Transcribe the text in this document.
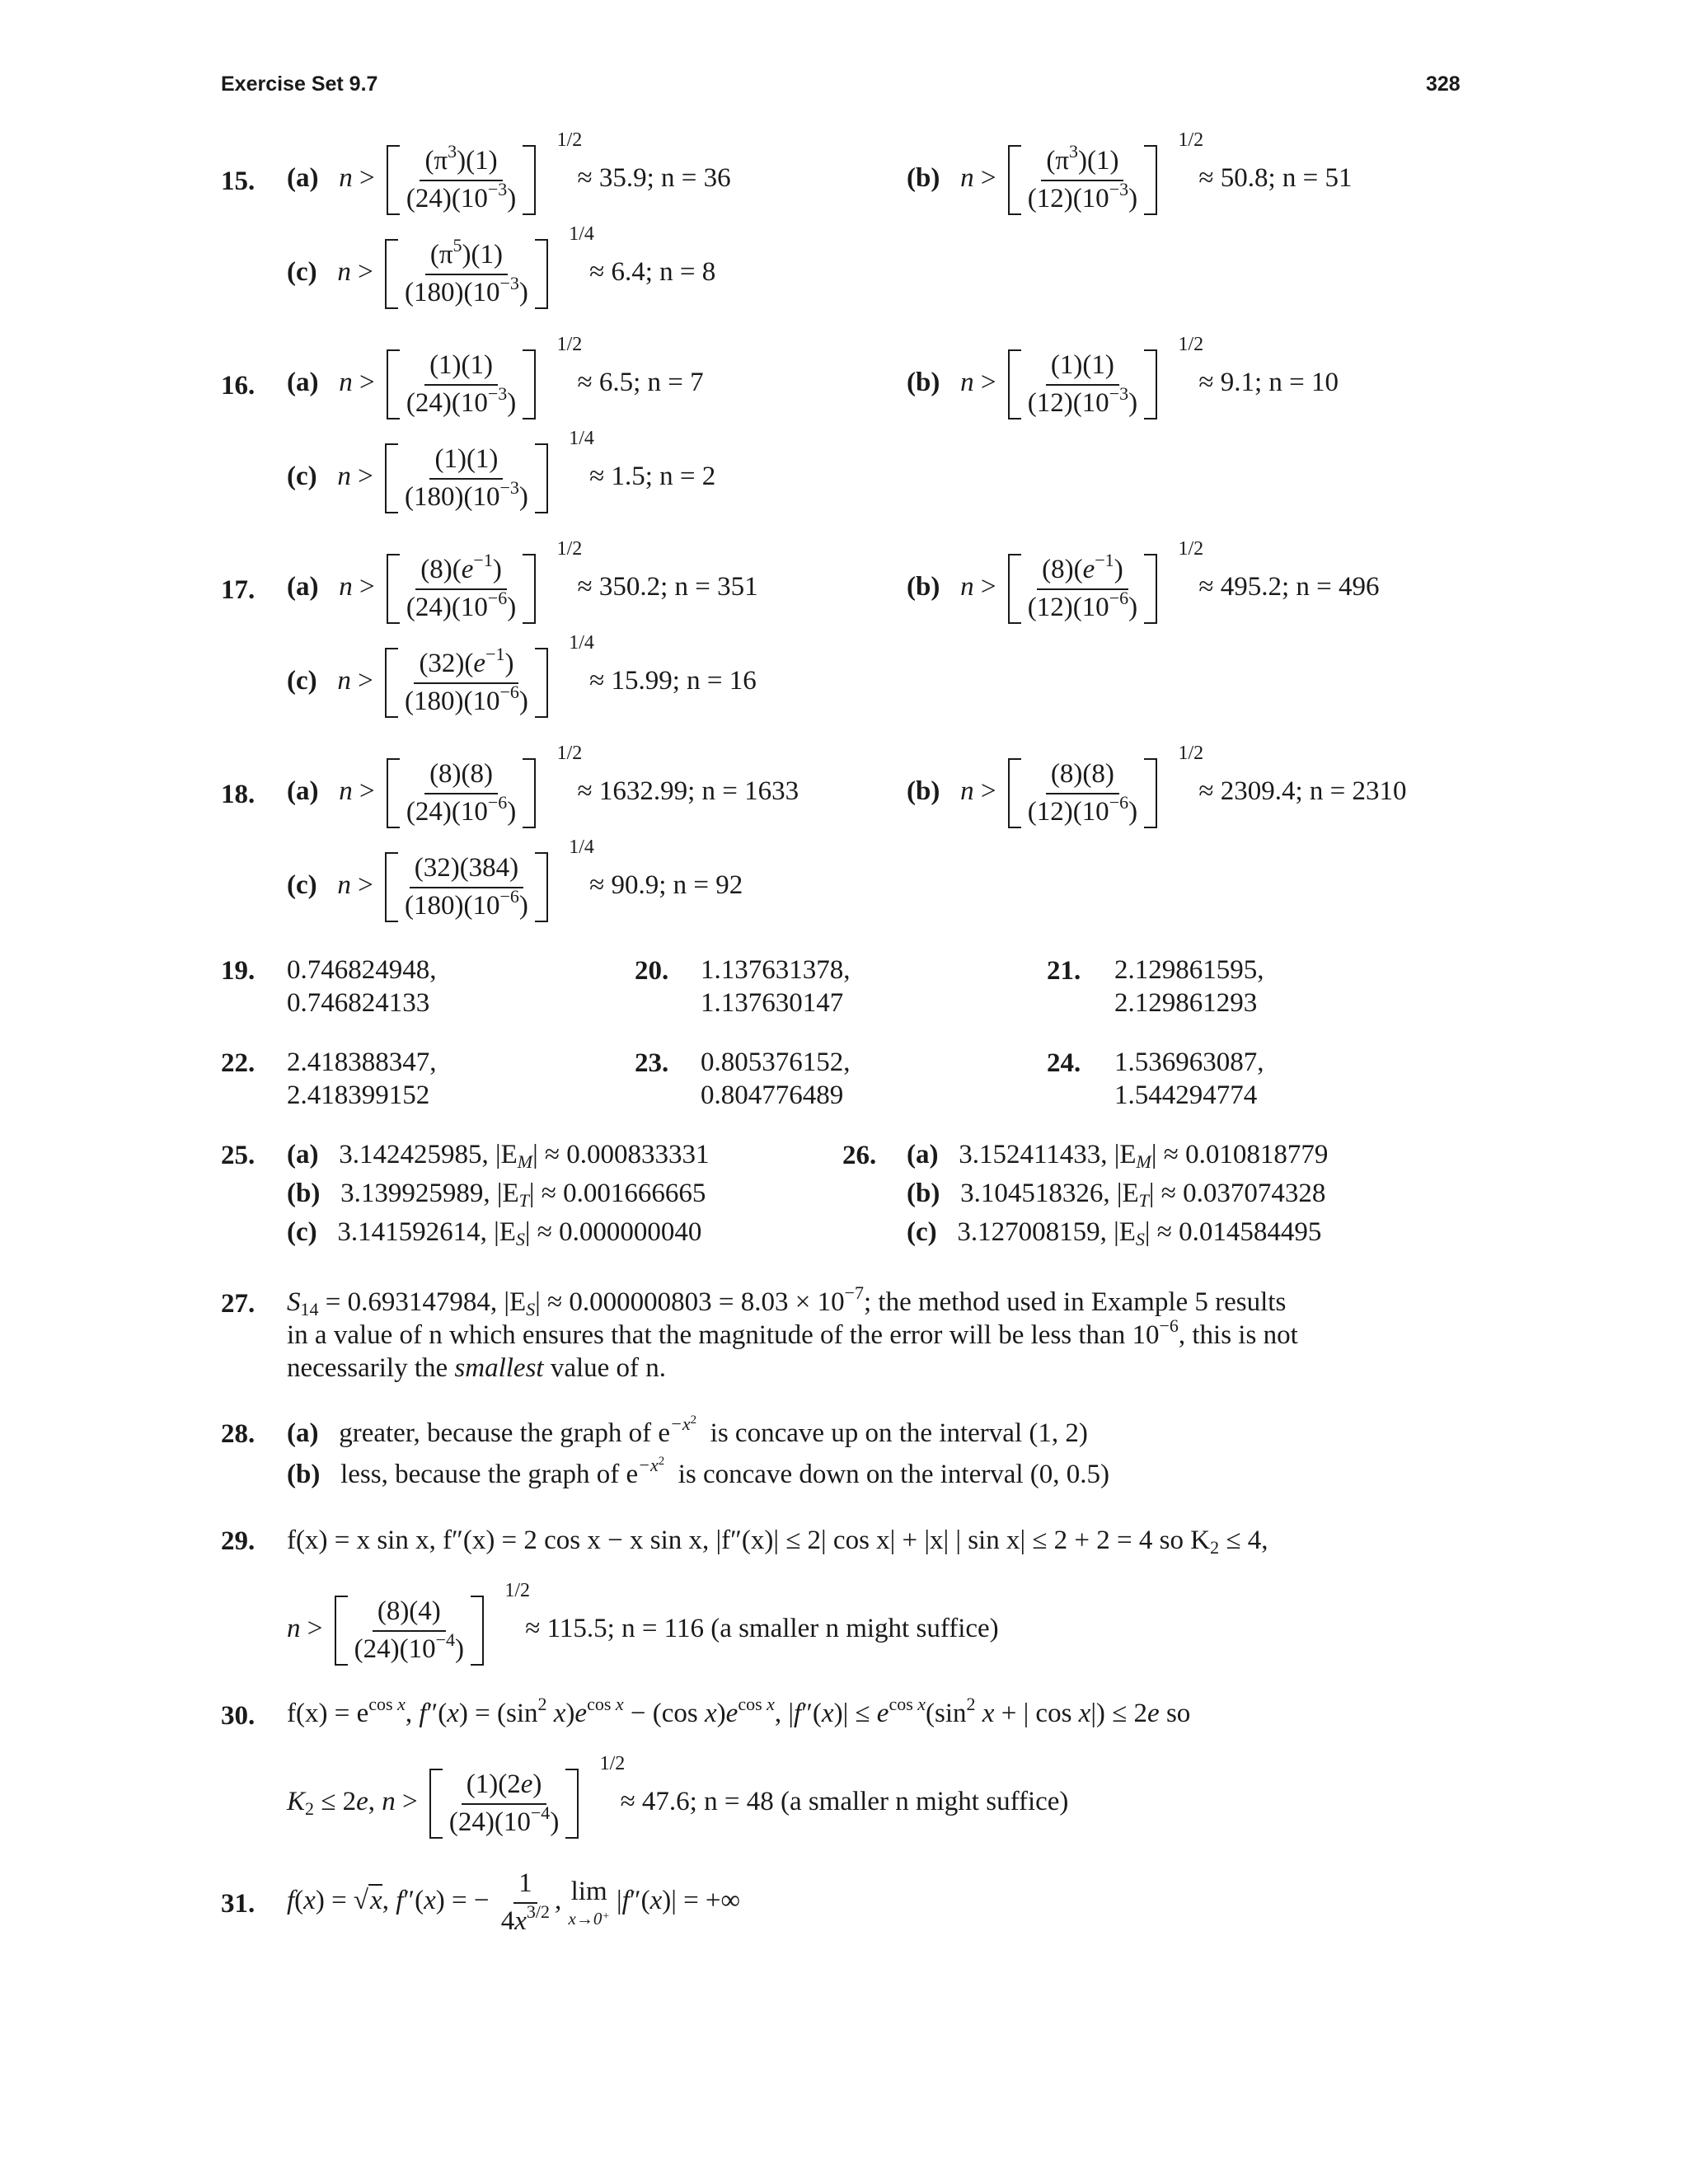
Exercise Set 9.7	328
15. (a) $n > \frac{(\pi^3)(1)}{(24)(10^{-3})}$
1/2
≈ 35.9; n = 36	(b) $n > \frac{(\pi^3)(1)}{(12)(10^{-3})}$
1/2
≈ 50.8; n = 51
(c) $n > \frac{(\pi^5)(1)}{(180)(10^{-3})}$
1/4
≈ 6.4; n = 8
16. (a) $n > \frac{(1)(1)}{(24)(10^{-3})}$
1/2
≈ 6.5; n = 7	(b) $n > \frac{(1)(1)}{(12)(10^{-3})}$
1/2
≈ 9.1; n = 10
(c) $n > \frac{(1)(1)}{(180)(10^{-3})}$
1/4
≈ 1.5; n = 2
17. (a) $n > \frac{(8)(e^{-1})}{(24)(10^{-6})}$
1/2
≈ 350.2; n = 351	(b) $n > \frac{(8)(e^{-1})}{(12)(10^{-6})}$
1/2
≈ 495.2; n = 496
(c) $n > \frac{(32)(e^{-1})}{(180)(10^{-6})}$
1/4
≈ 15.99; n = 16
18. (a) $n > \frac{(8)(8)}{(24)(10^{-6})}$
1/2
≈ 1632.99; n = 1633	(b) $n > \frac{(8)(8)}{(12)(10^{-6})}$
1/2
≈ 2309.4; n = 2310
(c) $n > \frac{(32)(384)}{(180)(10^{-6})}$
1/4
≈ 90.9; n = 92
19. 0.746824948,
0.746824133
20. 1.137631378,
1.137630147
21. 2.129861595,
2.129861293
22. 2.418388347,
2.418399152
23. 0.805376152,
0.804776489
24. 1.536963087,
1.544294774
25. (a) 3.142425985, $|E_M| \approx 0.000833331$
(b) 3.139925989, $|E_T| \approx 0.001666665$
(c) 3.141592614, $|E_S| \approx 0.000000040$
26. (a) 3.152411433, $|E_M| \approx 0.010818779$
(b) 3.104518326, $|E_T| \approx 0.037074328$
(c) 3.127008159, $|E_S| \approx 0.014584495$
27. $S_{14} = 0.693147984$, $|E_S| \approx 0.000000803 = 8.03 \times 10^{-7}$; the method used in Example 5 results
in a value of n which ensures that the magnitude of the error will be less than $10^{-6}$, this is not
necessarily the smallest value of n.
28. (a) greater, because the graph of $e^{-x^2}$ is concave up on the interval (1, 2)
(b) less, because the graph of $e^{-x^2}$ is concave down on the interval (0, 0.5)
29. f(x) = x sin x, f″(x) = 2 cos x − x sin x, |f″(x)| ≤ 2| cos x| + |x| | sin x| ≤ 2 + 2 = 4 so $K_2 \le 4$,
$n > \frac{(8)(4)}{(24)(10^{-4})}$
1/2
≈ 115.5; n = 116 (a smaller n might suffice)
30. $f(x) = e^{cos x}$, $f''(x) = (\sin^2$ $x)e^{cos x} - (\cos$ $x)e^{cos x}$, $|f''(x)| \le e^{cos x}(\sin^2$ x + | cos x|) ≤ 2e so
$K_2 \le 2e$, $n > \frac{(1)(2e)}{(24)(10^{-4})}$
1/2
≈ 47.6; n = 48 (a smaller n might suffice)
31. f(x) = √x, f″(x) = − $\frac{1}{4x^{3/2}}$ , lim
x→0+
|f″(x)| = +∞
